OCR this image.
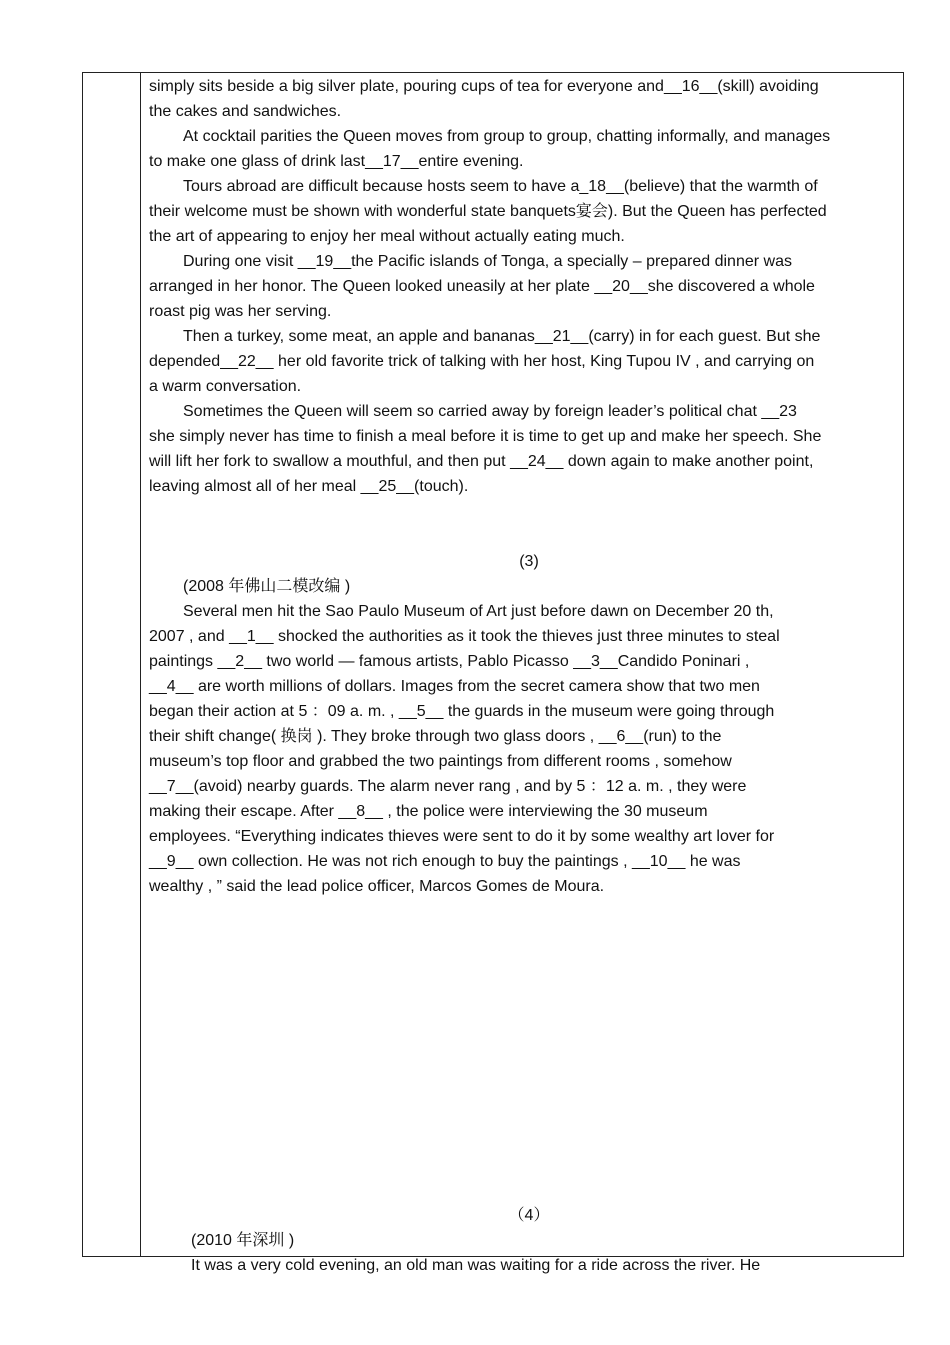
simply sits beside a big silver plate, pouring cups of tea for everyone and__16__(skill) avoiding
the cakes and sandwiches.
At cocktail parities the Queen moves from group to group, chatting informally, and manages
to make one glass of drink last__17__entire evening.
Tours abroad are difficult because hosts seem to have a_18__(believe) that the warmth of
their welcome must be shown with wonderful state banquets宴会). But the Queen has perfected
the art of appearing to enjoy her meal without actually eating much.
During one visit __19__the Pacific islands of Tonga, a specially – prepared dinner was
arranged in her honor. The Queen looked uneasily at her plate __20__she discovered a whole
roast pig was her serving.
Then a turkey, some meat, an apple and bananas__21__(carry) in for each guest. But she
depended__22__ her old favorite trick of talking with her host, King Tupou IV , and carrying on
a warm conversation.
Sometimes the Queen will seem so carried away by foreign leader’s political chat __23
she simply never has time to finish a meal before it is time to get up and make her speech. She
will lift her fork to swallow a mouthful, and then put __24__ down again to make another point,
leaving almost all of her meal __25__(touch).
(3)
(2008 年佛山二模改编 )
Several men hit the Sao Paulo Museum of Art just before dawn on December 20 th,
2007 , and __1__ shocked the authorities as it took the thieves just three minutes to steal
paintings __2__ two world — famous artists, Pablo Picasso __3__Candido Poninari ,
__4__ are worth millions of dollars. Images from the secret camera show that two men
began their action at 5 ：09 a. m. , __5__ the guards in the museum were going through
their shift change( 换岗 ). They broke through two glass doors , __6__(run) to the
museum’s top floor and grabbed the two paintings from different rooms , somehow
__7__(avoid) nearby guards. The alarm never rang , and by 5 ：12 a. m. , they were
making their escape. After __8__ , the police were interviewing the 30 museum
employees. “Everything indicates thieves were sent to do it by some wealthy art lover for
__9__ own collection. He was not rich enough to buy the paintings , __10__ he was
wealthy , ” said the lead police officer, Marcos Gomes de Moura.
（4）
(2010 年深圳 )
It was a very cold evening, an old man was waiting for a ride across the river. He
